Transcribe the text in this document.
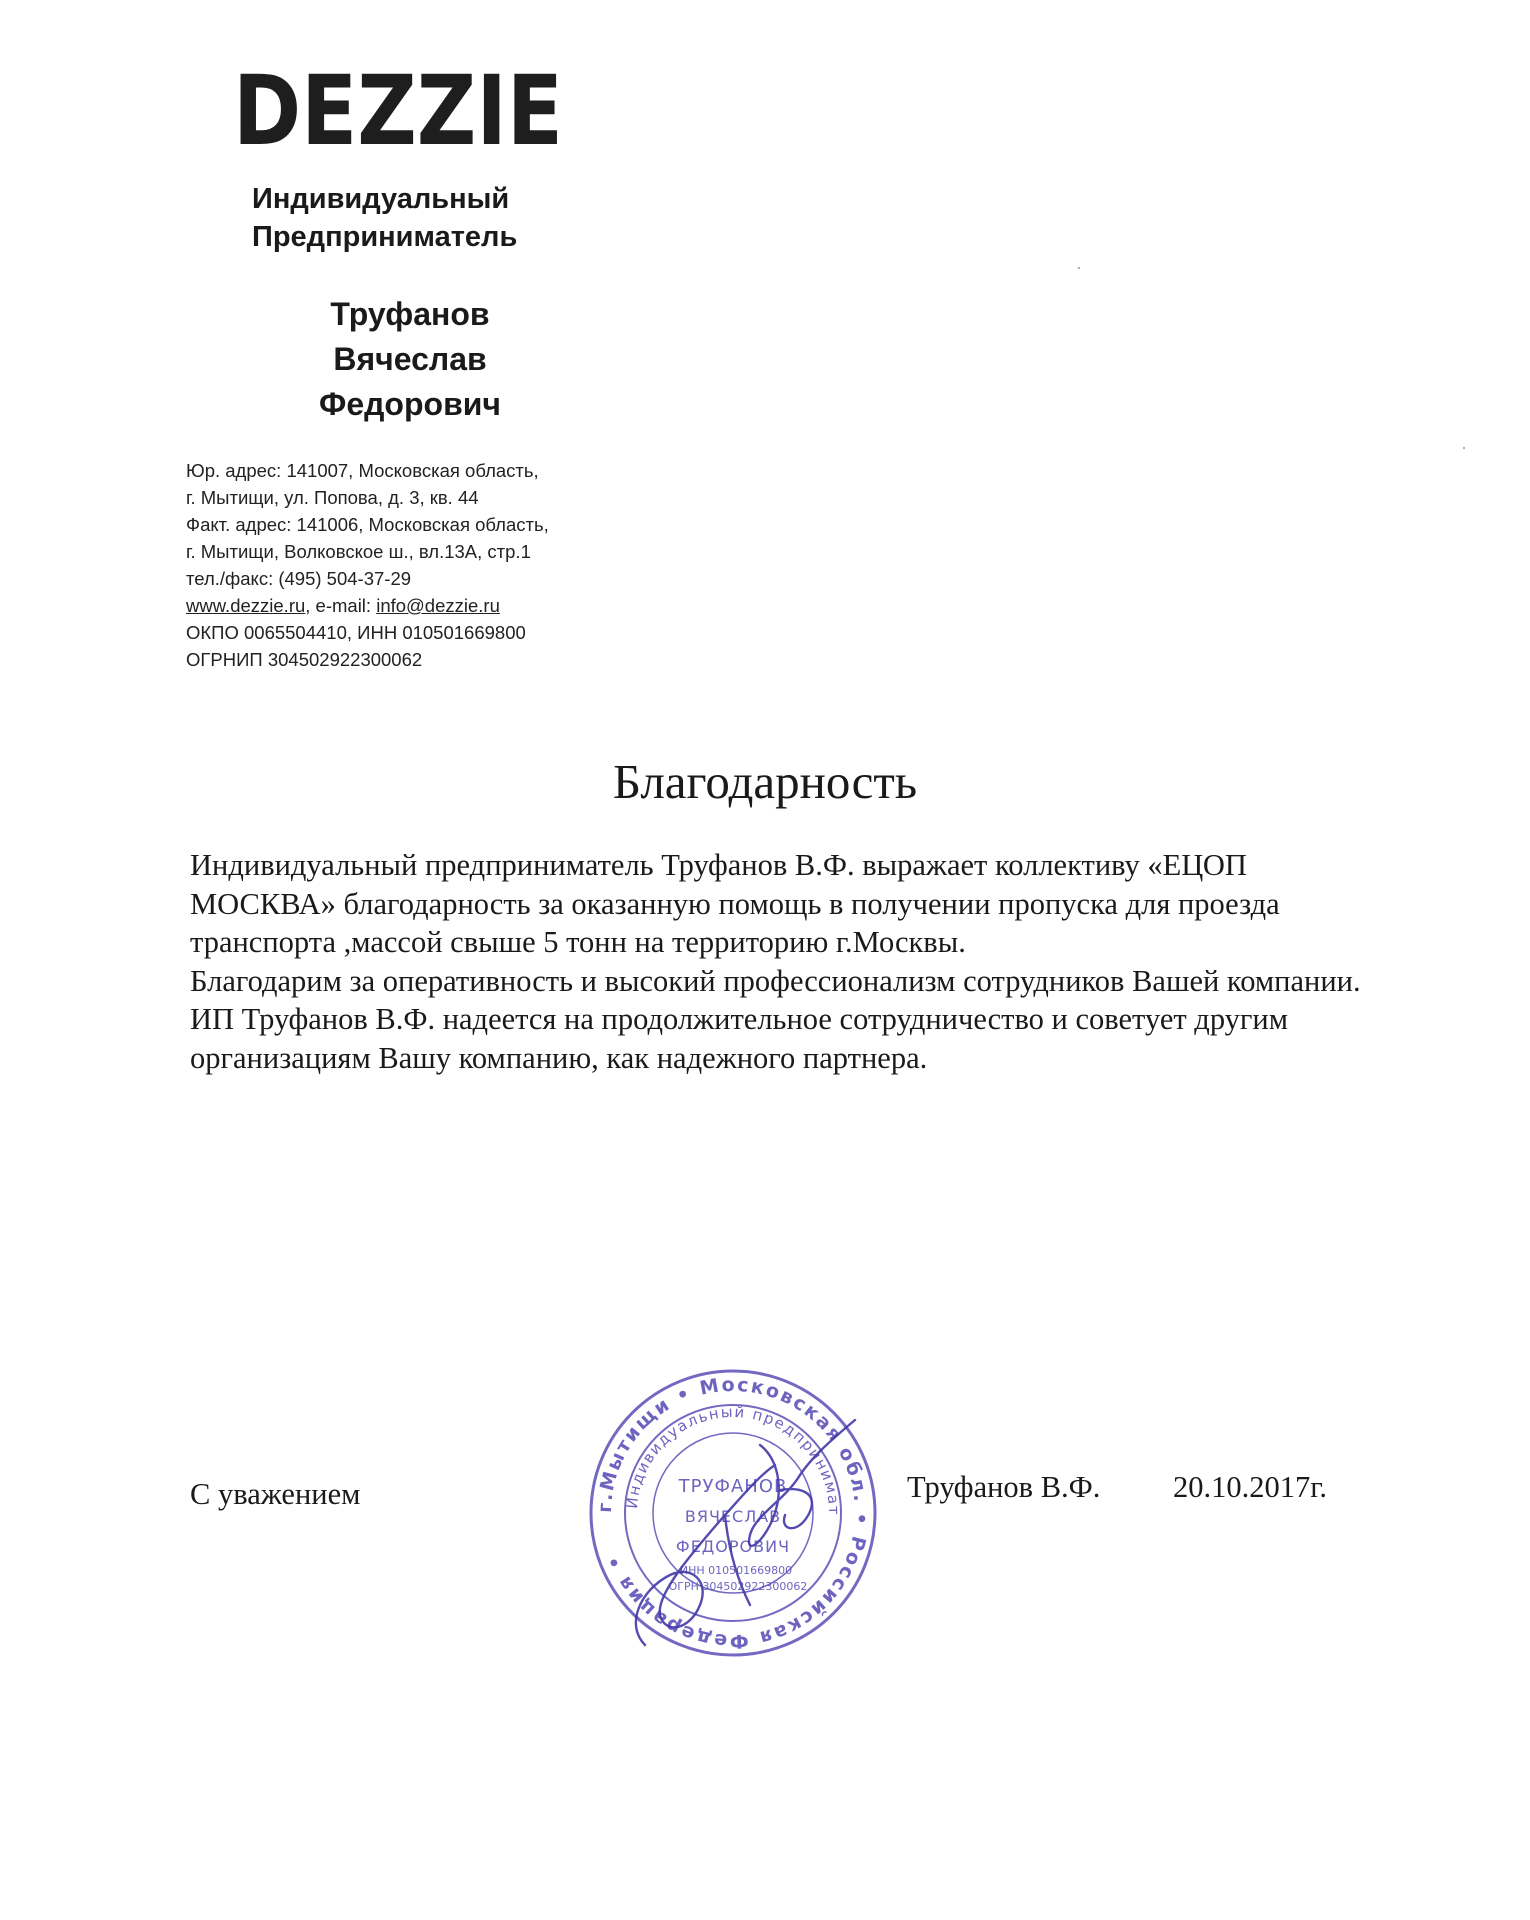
DEZZIE
Индивидуальный
Предприниматель
Труфанов
Вячеслав
Федорович
Юр. адрес: 141007, Московская область,
г. Мытищи, ул. Попова, д. 3, кв. 44
Факт. адрес: 141006, Московская область,
г. Мытищи, Волковское ш., вл.13А, стр.1
тел./факс: (495) 504-37-29
www.dezzie.ru, e-mail: info@dezzie.ru
ОКПО 0065504410, ИНН 010501669800
ОГРНИП 304502922300062
Благодарность

Индивидуальный предприниматель Труфанов В.Ф. выражает коллективу «ЕЦОП МОСКВА» благодарность за оказанную помощь в получении пропуска для проезда транспорта ,массой свыше 5 тонн на территорию г.Москвы.

Благодарим за оперативность и высокий профессионализм сотрудников Вашей компании.

ИП Труфанов В.Ф. надеется на продолжительное сотрудничество и советует другим организациям Вашу компанию, как надежного партнера.

С уважением	Труфанов В.Ф. 20.10.2017г.
г.Мытищи • Московская обл. • Российская Федерация •
Индивидуальный предпринимат
ТРУФАНОВ
ВЯЧЕСЛАВ
ФЕДОРОВИЧ
ИНН 010501669800
ОГРН 304502922300062
